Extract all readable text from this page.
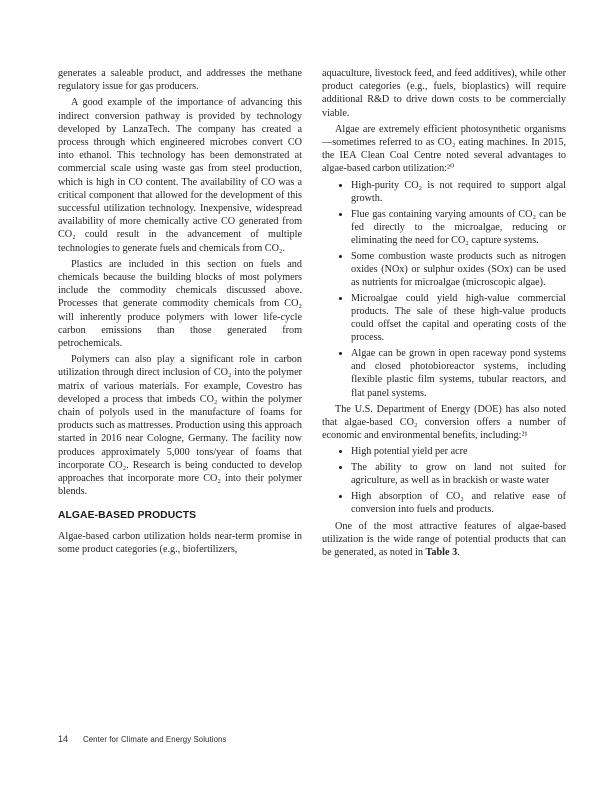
generates a saleable product, and addresses the methane regulatory issue for gas producers.

A good example of the importance of advancing this indirect conversion pathway is provided by technology developed by LanzaTech. The company has created a process through which engineered microbes convert CO into ethanol. This technology has been demonstrated at commercial scale using waste gas from steel production, which is high in CO content. The availability of CO was a critical component that allowed for the development of this successful utilization technology. Inexpensive, widespread availability of more chemically active CO generated from CO₂ could result in the advancement of multiple technologies to generate fuels and chemicals from CO₂.

Plastics are included in this section on fuels and chemicals because the building blocks of most polymers include the commodity chemicals discussed above. Processes that generate commodity chemicals from CO₂ will inherently produce polymers with lower life-cycle carbon emissions than those generated from petrochemicals.

Polymers can also play a significant role in carbon utilization through direct inclusion of CO₂ into the polymer matrix of various materials. For example, Covestro has developed a process that imbeds CO₂ within the polymer chain of polyols used in the manufacture of foams for products such as mattresses. Production using this approach started in 2016 near Cologne, Germany. The facility now produces approximately 5,000 tons/year of foams that incorporate CO₂. Research is being conducted to develop approaches that incorporate more CO₂ into their polymer blends.

ALGAE-BASED PRODUCTS

Algae-based carbon utilization holds near-term promise in some product categories (e.g., biofertilizers,

aquaculture, livestock feed, and feed additives), while other product categories (e.g., fuels, bioplastics) will require additional R&D to drive down costs to be commercially viable.

Algae are extremely efficient photosynthetic organisms—sometimes referred to as CO₂ eating machines. In 2015, the IEA Clean Coal Centre noted several advantages to algae-based carbon utilization:²⁰

• High-purity CO₂ is not required to support algal growth.
• Flue gas containing varying amounts of CO₂ can be fed directly to the microalgae, reducing or eliminating the need for CO₂ capture systems.
• Some combustion waste products such as nitrogen oxides (NOx) or sulphur oxides (SOx) can be used as nutrients for microalgae (microscopic algae).
• Microalgae could yield high-value commercial products. The sale of these high-value products could offset the capital and operating costs of the process.
• Algae can be grown in open raceway pond systems and closed photobioreactor systems, including flexible plastic film systems, tubular reactors, and flat panel systems.

The U.S. Department of Energy (DOE) has also noted that algae-based CO₂ conversion offers a number of economic and environmental benefits, including:²¹

• High potential yield per acre
• The ability to grow on land not suited for agriculture, as well as in brackish or waste water
• High absorption of CO₂ and relative ease of conversion into fuels and products.

One of the most attractive features of algae-based utilization is the wide range of potential products that can be generated, as noted in Table 3.

14 Center for Climate and Energy Solutions
